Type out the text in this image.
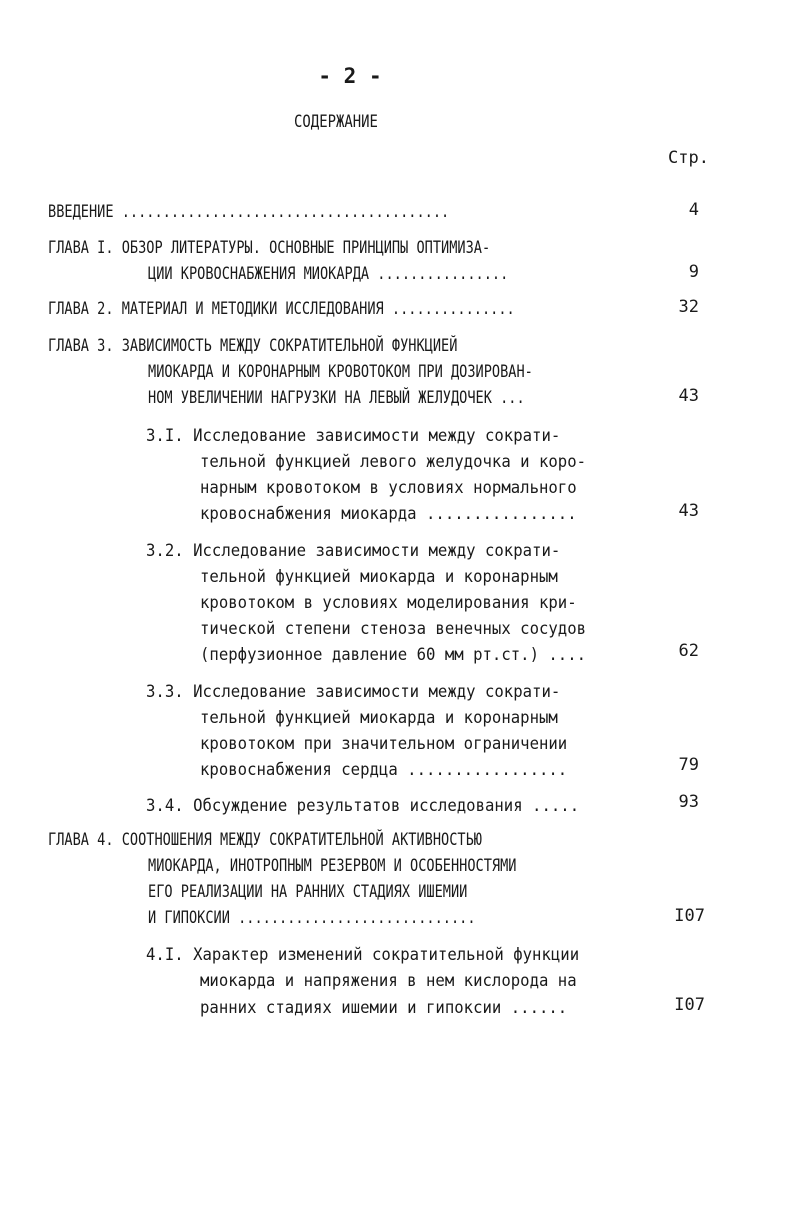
- 2 -
СОДЕРЖАНИЕ
Стр.
ВВЕДЕНИЕ ........................................	4
ГЛАВА I. ОБЗОР ЛИТЕРАТУРЫ. ОСНОВНЫЕ ПРИНЦИПЫ ОПТИМИЗА-
ЦИИ КРОВОСНАБЖЕНИЯ МИОКАРДА ................	9
ГЛАВА 2. МАТЕРИАЛ И МЕТОДИКИ ИССЛЕДОВАНИЯ ...............	32
ГЛАВА 3. ЗАВИСИМОСТЬ МЕЖДУ СОКРАТИТЕЛЬНОЙ ФУНКЦИЕЙ
МИОКАРДА И КОРОНАРНЫМ КРОВОТОКОМ ПРИ ДОЗИРОВАН-
НОМ УВЕЛИЧЕНИИ НАГРУЗКИ НА ЛЕВЫЙ ЖЕЛУДОЧЕК ...	43
3.I. Исследование зависимости между сократи-
тельной функцией левого желудочка и коро-
нарным кровотоком в условиях нормального
кровоснабжения миокарда ................	43
3.2. Исследование зависимости между сократи-
тельной функцией миокарда и коронарным
кровотоком в условиях моделирования кри-
тической степени стеноза венечных сосудов
(перфузионное давление 60 мм рт.ст.) ....	62
3.3. Исследование зависимости между сократи-
тельной функцией миокарда и коронарным
кровотоком при значительном ограничении
кровоснабжения сердца .................	79
3.4. Обсуждение результатов исследования .....	93
ГЛАВА 4. СООТНОШЕНИЯ МЕЖДУ СОКРАТИТЕЛЬНОЙ АКТИВНОСТЬЮ
МИОКАРДА, ИНОТРОПНЫМ РЕЗЕРВОМ И ОСОБЕННОСТЯМИ
ЕГО РЕАЛИЗАЦИИ НА РАННИХ СТАДИЯХ ИШЕМИИ
И ГИПОКСИИ .............................	I07
4.I. Характер изменений сократительной функции
миокарда и напряжения в нем кислорода на
ранних стадиях ишемии и гипоксии ......	I07
